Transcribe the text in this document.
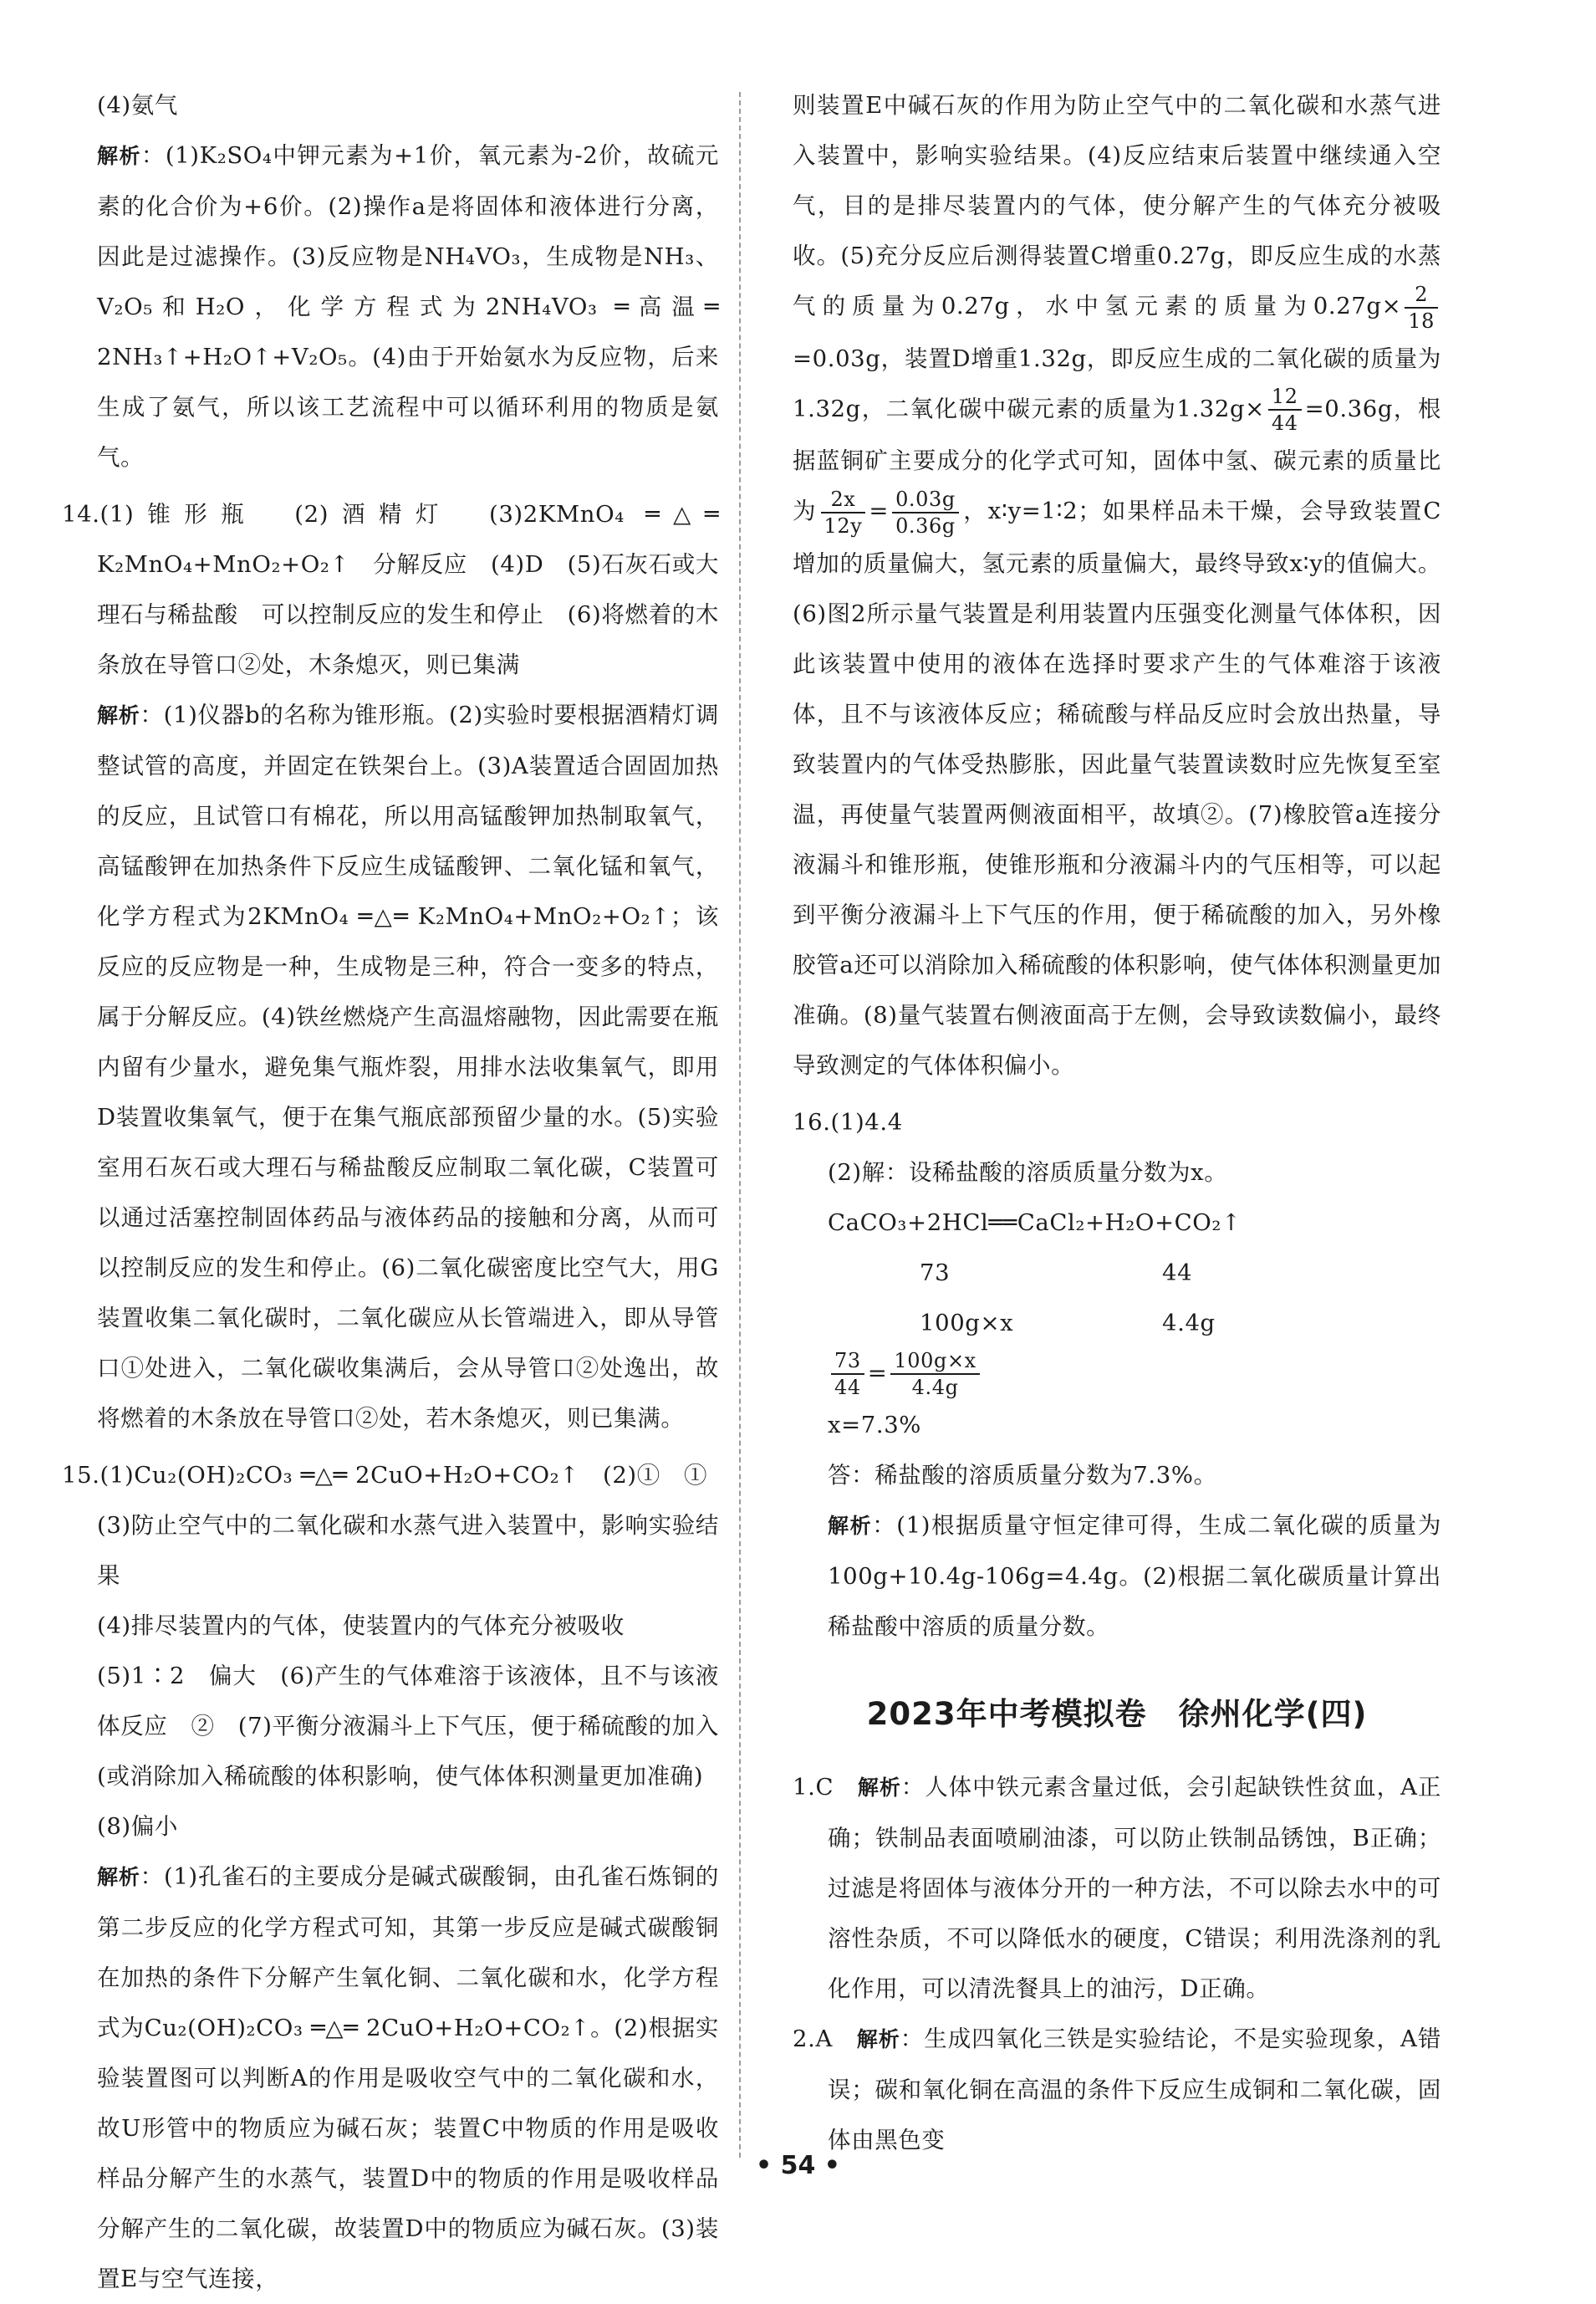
(4)氨气

解析：(1)K₂SO₄中钾元素为+1价，氧元素为-2价，故硫元素的化合价为+6价。(2)操作a是将固体和液体进行分离，因此是过滤操作。(3)反应物是NH₄VO₃，生成物是NH₃、V₂O₅和H₂O，化学方程式为2NH₄VO₃ ═高温═ 2NH₃↑+H₂O↑+V₂O₅。(4)由于开始氨水为反应物，后来生成了氨气，所以该工艺流程中可以循环利用的物质是氨气。

14.(1)锥形瓶　(2)酒精灯　(3)2KMnO₄ ═△═ K₂MnO₄+MnO₂+O₂↑　分解反应　(4)D　(5)石灰石或大理石与稀盐酸　可以控制反应的发生和停止　(6)将燃着的木条放在导管口②处，木条熄灭，则已集满

解析：(1)仪器b的名称为锥形瓶。(2)实验时要根据酒精灯调整试管的高度，并固定在铁架台上。(3)A装置适合固固加热的反应，且试管口有棉花，所以用高锰酸钾加热制取氧气，高锰酸钾在加热条件下反应生成锰酸钾、二氧化锰和氧气，化学方程式为2KMnO₄ ═△═ K₂MnO₄+MnO₂+O₂↑；该反应的反应物是一种，生成物是三种，符合一变多的特点，属于分解反应。(4)铁丝燃烧产生高温熔融物，因此需要在瓶内留有少量水，避免集气瓶炸裂，用排水法收集氧气，即用D装置收集氧气，便于在集气瓶底部预留少量的水。(5)实验室用石灰石或大理石与稀盐酸反应制取二氧化碳，C装置可以通过活塞控制固体药品与液体药品的接触和分离，从而可以控制反应的发生和停止。(6)二氧化碳密度比空气大，用G装置收集二氧化碳时，二氧化碳应从长管端进入，即从导管口①处进入，二氧化碳收集满后，会从导管口②处逸出，故将燃着的木条放在导管口②处，若木条熄灭，则已集满。

15.(1)Cu₂(OH)₂CO₃ ═△═ 2CuO+H₂O+CO₂↑　(2)①　①

(3)防止空气中的二氧化碳和水蒸气进入装置中，影响实验结果

(4)排尽装置内的气体，使装置内的气体充分被吸收

(5)1∶2　偏大　(6)产生的气体难溶于该液体，且不与该液体反应　②　(7)平衡分液漏斗上下气压，便于稀硫酸的加入(或消除加入稀硫酸的体积影响，使气体体积测量更加准确)

(8)偏小

解析：(1)孔雀石的主要成分是碱式碳酸铜，由孔雀石炼铜的第二步反应的化学方程式可知，其第一步反应是碱式碳酸铜在加热的条件下分解产生氧化铜、二氧化碳和水，化学方程式为Cu₂(OH)₂CO₃ ═△═ 2CuO+H₂O+CO₂↑。(2)根据实验装置图可以判断A的作用是吸收空气中的二氧化碳和水，故U形管中的物质应为碱石灰；装置C中物质的作用是吸收样品分解产生的水蒸气，装置D中的物质的作用是吸收样品分解产生的二氧化碳，故装置D中的物质应为碱石灰。(3)装置E与空气连接，

则装置E中碱石灰的作用为防止空气中的二氧化碳和水蒸气进入装置中，影响实验结果。(4)反应结束后装置中继续通入空气，目的是排尽装置内的气体，使分解产生的气体充分被吸收。(5)充分反应后测得装置C增重0.27g，即反应生成的水蒸气的质量为0.27g，水中氢元素的质量为$0.27g\times \frac{2}{18}$
=0.03g，装置D增重1.32g，即反应生成的二氧化碳的质量为1.32g，二氧化碳中碳元素的质量为$1.32g\times \frac{12}{44} =0.36g$，根据蓝铜矿主要成分的化学式可知，固体中氢、碳元素的质量比为 $\frac{2x}{12y} = \frac{0.03g}{0.36g}$ ，x∶y=1∶2；如果样品未干燥，会导致装置C增加的质量偏大，氢元素的质量偏大，最终导致x∶y的值偏大。(6)图2所示量气装置是利用装置内压强变化测量气体体积，因此该装置中使用的液体在选择时要求产生的气体难溶于该液体，且不与该液体反应；稀硫酸与样品反应时会放出热量，导致装置内的气体受热膨胀，因此量气装置读数时应先恢复至室温，再使量气装置两侧液面相平，故填②。(7)橡胶管a连接分液漏斗和锥形瓶，使锥形瓶和分液漏斗内的气压相等，可以起到平衡分液漏斗上下气压的作用，便于稀硫酸的加入，另外橡胶管a还可以消除加入稀硫酸的体积影响，使气体体积测量更加准确。(8)量气装置右侧液面高于左侧，会导致读数偏小，最终导致测定的气体体积偏小。

16.(1)4.4

(2)解：设稀盐酸的溶质质量分数为x。

CaCO₃+2HCl══CaCl₂+H₂O+CO₂↑

73	44
100g×x	4.4g

$\frac{73}{44} = \frac{100g\times x}{4.4g}$

x=7.3%

答：稀盐酸的溶质质量分数为7.3%。

解析：(1)根据质量守恒定律可得，生成二氧化碳的质量为100g+10.4g-106g=4.4g。(2)根据二氧化碳质量计算出稀盐酸中溶质的质量分数。

2023年中考模拟卷　徐州化学(四)

1.C　解析：人体中铁元素含量过低，会引起缺铁性贫血，A正确；铁制品表面喷刷油漆，可以防止铁制品锈蚀，B正确；过滤是将固体与液体分开的一种方法，不可以除去水中的可溶性杂质，不可以降低水的硬度，C错误；利用洗涤剂的乳化作用，可以清洗餐具上的油污，D正确。

2.A　解析：生成四氧化三铁是实验结论，不是实验现象，A错误；碳和氧化铜在高温的条件下反应生成铜和二氧化碳，固体由黑色变

• 54 •
